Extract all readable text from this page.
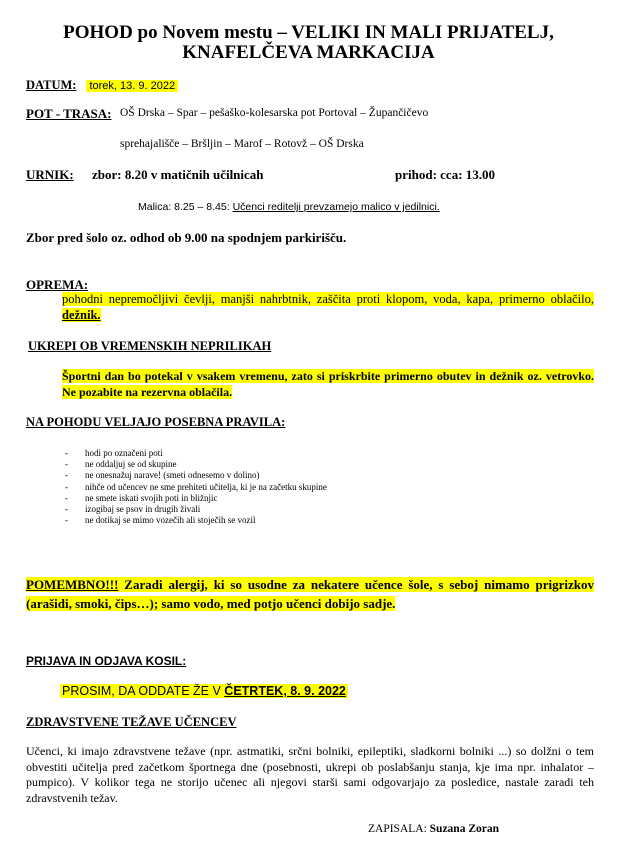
POHOD po Novem mestu – VELIKI IN MALI PRIJATELJ,
KNAFELČEVA MARKACIJA
DATUM: torek, 13. 9. 2022
POT - TRASA: OŠ Drska – Spar – pešaško-kolesarska pot Portoval – Župančičevo
sprehajališče – Bršljin – Marof – Rotovž – OŠ Drska
URNIK: zbor: 8.20 v matičnih učilnicah	prihod: cca: 13.00
Malica: 8.25 – 8.45: Učenci reditelji prevzamejo malico v jedilnici.
Zbor pred šolo oz. odhod ob 9.00 na spodnjem parkirišču.
OPREMA:
pohodni nepremočljivi čevlji, manjši nahrbtnik, zaščita proti klopom, voda, kapa, primerno oblačilo, dežnik.
UKREPI OB VREMENSKIH NEPRILIKAH
Športni dan bo potekal v vsakem vremenu, zato si priskrbite primerno obutev in dežnik oz. vetrovko. Ne pozabite na rezervna oblačila.
NA POHODU VELJAJO POSEBNA PRAVILA:
- hodi po označeni poti
- ne oddaljuj se od skupine
- ne onesnažuj narave! (smeti odnesemo v dolino)
- nihče od učencev ne sme prehiteti učitelja, ki je na začetku skupine
- ne smete iskati svojih poti in bližnjic
- izogibaj se psov in drugih živali
- ne dotikaj se mimo vozečih ali stoječih se vozil
POMEMBNO!!! Zaradi alergij, ki so usodne za nekatere učence šole, s seboj nimamo prigrizkov (arašidi, smoki, čips…); samo vodo, med potjo učenci dobijo sadje.
PRIJAVA IN ODJAVA KOSIL:
PROSIM, DA ODDATE ŽE V ČETRTEK, 8. 9. 2022
ZDRAVSTVENE TEŽAVE UČENCEV
Učenci, ki imajo zdravstvene težave (npr. astmatiki, srčni bolniki, epileptiki, sladkorni bolniki ...) so dolžni o tem obvestiti učitelja pred začetkom športnega dne (posebnosti, ukrepi ob poslabšanju stanja, kje ima npr. inhalator – pumpico). V kolikor tega ne storijo učenec ali njegovi starši sami odgovarjajo za posledice, nastale zaradi teh zdravstvenih težav.
ZAPISALA: Suzana Zoran
